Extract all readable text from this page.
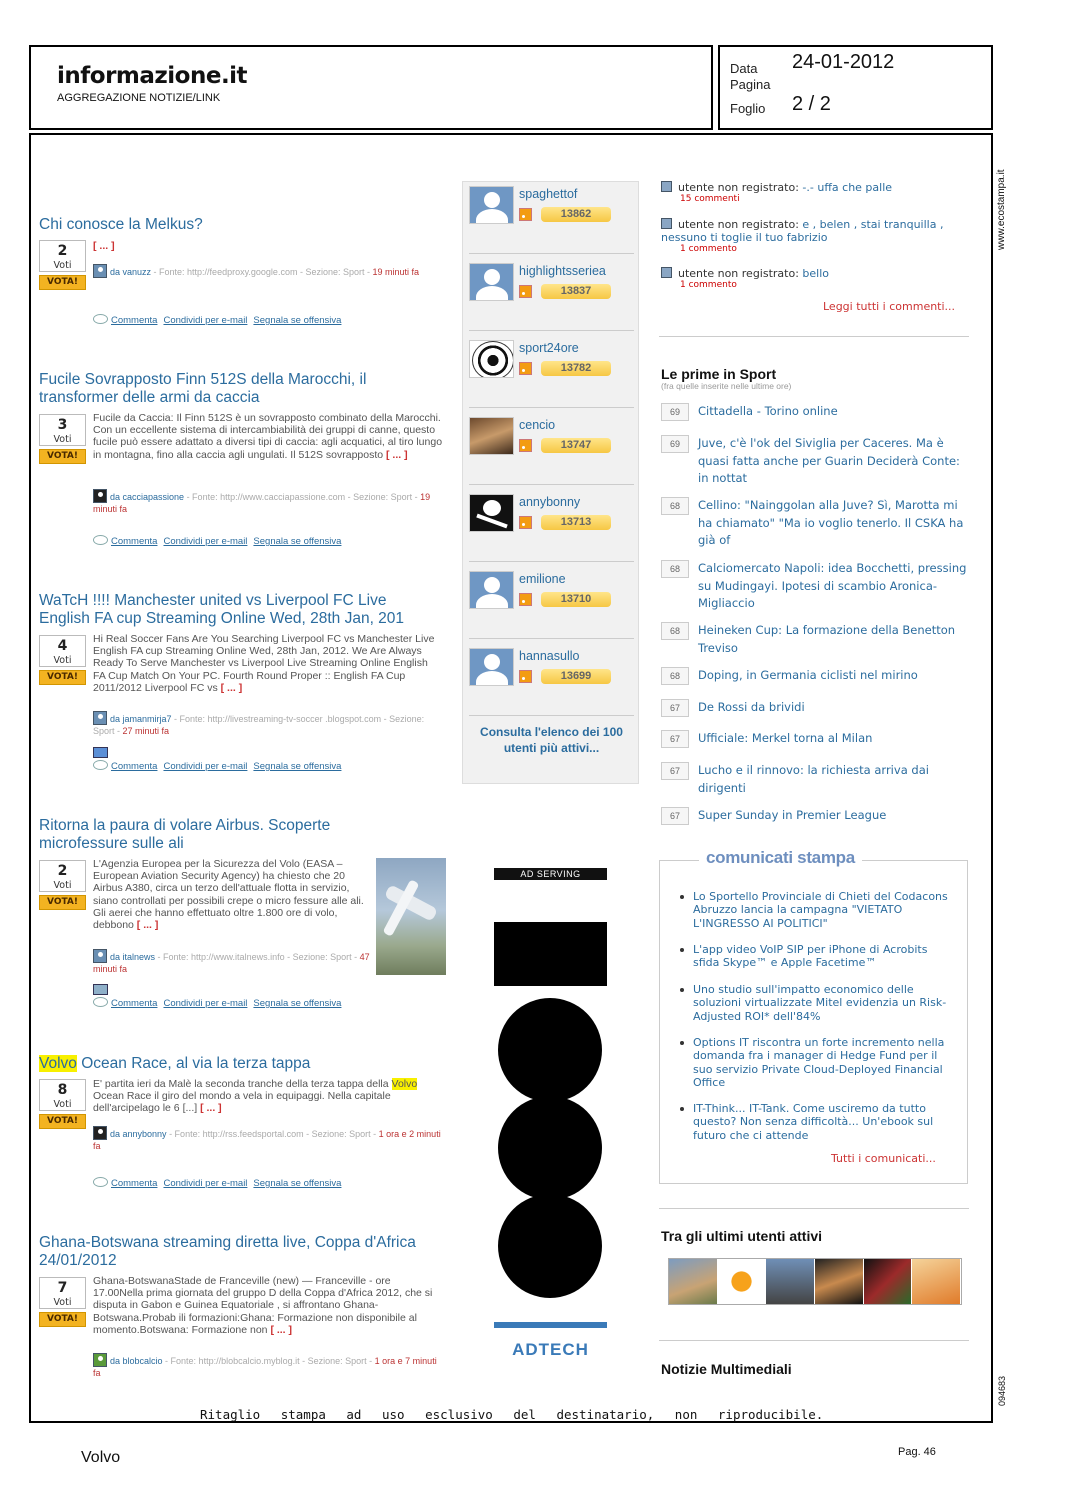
informazione.it
AGGREGAZIONE NOTIZIE/LINK
Data 24-01-2012
Pagina
Foglio 2 / 2
www.ecostampa.it
094683
Chi conosce la Melkus?
2
Voti
VOTA!
[ ... ]
da vanuzz - Fonte: http://feedproxy.google.com - Sezione: Sport - 19 minuti fa
Commenta Condividi per e-mail Segnala se offensiva
Fucile Sovrapposto Finn 512S della Marocchi, il transformer delle armi da caccia
3
Voti
VOTA!
Fucile da Caccia: Il Finn 512S è un sovrapposto combinato della Marocchi. Con un eccellente sistema di intercambiabilità dei gruppi di canne, questo fucile può essere adattato a diversi tipi di caccia: agli acquatici, al tiro lungo in montagna, fino alla caccia agli ungulati. Il 512S sovrapposto [ ... ]
da cacciapassione - Fonte: http://www.cacciapassione.com - Sezione: Sport - 19 minuti fa
Commenta Condividi per e-mail Segnala se offensiva
WaTcH !!!! Manchester united vs Liverpool FC Live English FA cup Streaming Online Wed, 28th Jan, 201
4
Voti
VOTA!
Hi Real Soccer Fans Are You Searching Liverpool FC vs Manchester Live English FA cup Streaming Online Wed, 28th Jan, 2012. We Are Always Ready To Serve Manchester vs Liverpool Live Streaming Online English FA Cup Match On Your PC. Fourth Round Proper :: English FA Cup 2011/2012 Liverpool FC vs [ ... ]
da jamanmirja7 - Fonte: http://livestreaming-tv-soccer .blogspot.com - Sezione: Sport - 27 minuti fa
Commenta Condividi per e-mail Segnala se offensiva
Ritorna la paura di volare Airbus. Scoperte microfessure sulle ali
2
Voti
VOTA!
L'Agenzia Europea per la Sicurezza del Volo (EASA – European Aviation Security Agency) ha chiesto che 20 Airbus A380, circa un terzo dell'attuale flotta in servizio, siano controllati per possibili crepe o micro fessure alle ali. Gli aerei che hanno effettuato oltre 1.800 ore di volo, debbono [ ... ]
da italnews - Fonte: http://www.italnews.info - Sezione: Sport - 47 minuti fa
Commenta Condividi per e-mail Segnala se offensiva
Volvo Ocean Race, al via la terza tappa
8
Voti
VOTA!
E' partita ieri da Malè la seconda tranche della terza tappa della Volvo Ocean Race il giro del mondo a vela in equipaggi. Nella capitale dell'arcipelago le 6 [...] [ ... ]
da annybonny - Fonte: http://rss.feedsportal.com - Sezione: Sport - 1 ora e 2 minuti fa
Commenta Condividi per e-mail Segnala se offensiva
Ghana-Botswana streaming diretta live, Coppa d'Africa 24/01/2012
7
Voti
VOTA!
Ghana-BotswanaStade de Franceville (new) — Franceville - ore 17.00Nella prima giornata del gruppo D della Coppa d'Africa 2012, che si disputa in Gabon e Guinea Equatoriale , si affrontano Ghana-Botswana.Probab ili formazioni:Ghana: Formazione non disponibile al momento.Botswana: Formazione non [ ... ]
da blobcalcio - Fonte: http://blobcalcio.myblog.it - Sezione: Sport - 1 ora e 7 minuti fa
spaghettof
13862
highlightsseriea
13837
sport24ore
13782
cencio
13747
annybonny
13713
emilione
13710
hannasullo
13699
Consulta l'elenco dei 100 utenti più attivi...
AD SERVING
ADTECH
utente non registrato: -.- uffa che palle
15 commenti
utente non registrato: e , belen , stai tranquilla , nessuno ti toglie il tuo fabrizio
1 commento
utente non registrato: bello
1 commento
Leggi tutti i commenti...
Le prime in Sport
(fra quelle inserite nelle ultime ore)
69	Cittadella - Torino online
69	Juve, c'è l'ok del Siviglia per Caceres. Ma è quasi fatta anche per Guarin Deciderà Conte: in nottat
68	Cellino: "Nainggolan alla Juve? Sì, Marotta mi ha chiamato" "Ma io voglio tenerlo. Il CSKA ha già of
68	Calciomercato Napoli: idea Bocchetti, pressing su Mudingayi. Ipotesi di scambio Aronica-Migliaccio
68	Heineken Cup: La formazione della Benetton Treviso
68	Doping, in Germania ciclisti nel mirino
67	De Rossi da brividi
67	Ufficiale: Merkel torna al Milan
67	Lucho e il rinnovo: la richiesta arriva dai dirigenti
67	Super Sunday in Premier League
comunicati stampa
Lo Sportello Provinciale di Chieti del Codacons Abruzzo lancia la campagna "VIETATO L'INGRESSO AI POLITICI"
L'app video VoIP SIP per iPhone di Acrobits sfida Skype™ e Apple Facetime™
Uno studio sull'impatto economico delle soluzioni virtualizzate Mitel evidenzia un Risk-Adjusted ROI* dell'84%
Options IT riscontra un forte incremento nella domanda fra i manager di Hedge Fund per il suo servizio Private Cloud-Deployed Financial Office
IT-Think... IT-Tank. Come usciremo da tutto questo? Non senza difficoltà... Un'ebook sul futuro che ci attende
Tutti i comunicati...
Tra gli ultimi utenti attivi
Notizie Multimediali
Ritaglio stampa ad uso esclusivo del destinatario, non riproducibile.
Volvo	Pag. 46
